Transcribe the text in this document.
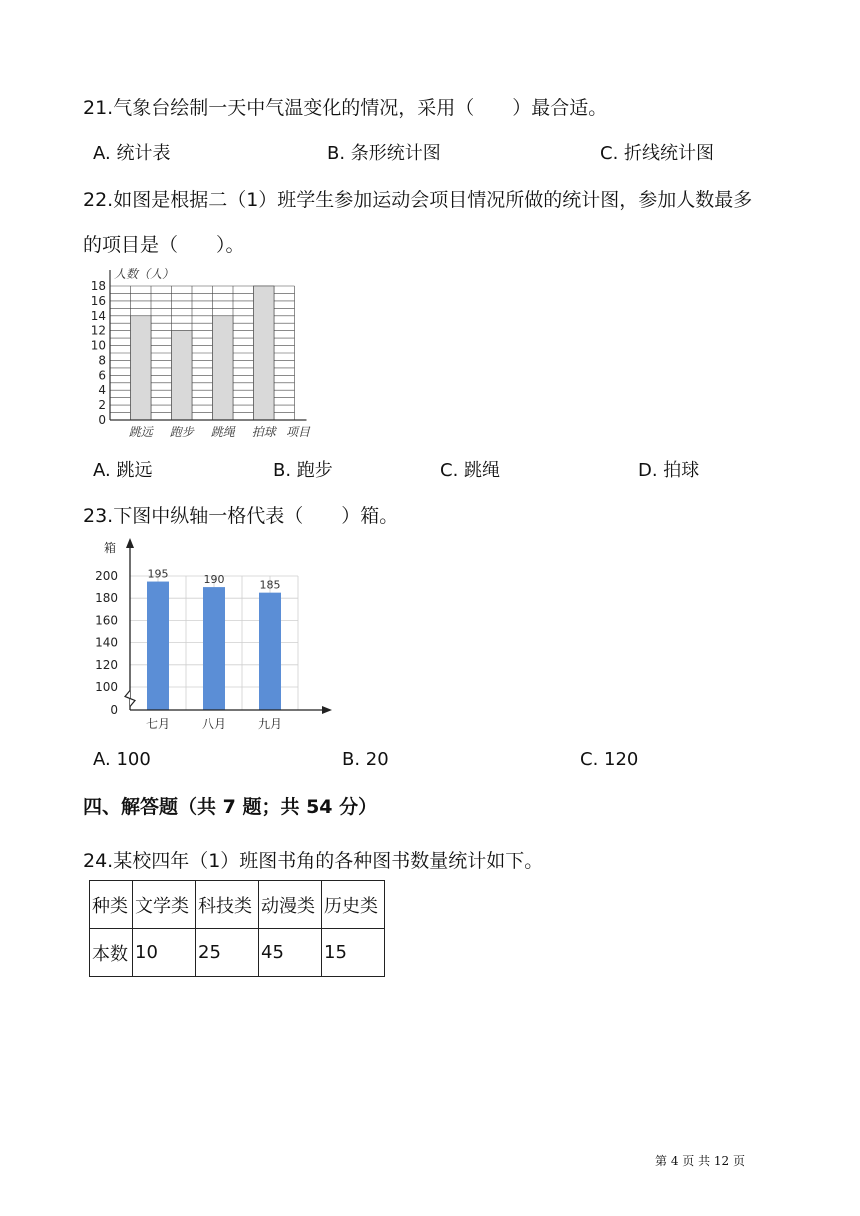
21.气象台绘制一天中气温变化的情况，采用（　　）最合适。
A. 统计表	B. 条形统计图	C. 折线统计图
22.如图是根据二（1）班学生参加运动会项目情况所做的统计图，参加人数最多
的项目是（　　）。
0
2
4
6
8
10
12
14
16
18
跳远 跑步 跳绳 拍球
人数（人）
项目
A. 跳远	B. 跑步	C. 跳绳	D. 拍球
23.下图中纵轴一格代表（　　）箱。
195	190	185
0
100
120
140
160
180
200
七月	八月	九月
箱
A. 100	B. 20	C. 120
四、解答题（共 7 题；共 54 分）
24.某校四年（1）班图书角的各种图书数量统计如下。
种类	文学类	科技类	动漫类	历史类
本数	10	25	45	15
第 4 页 共 12 页
